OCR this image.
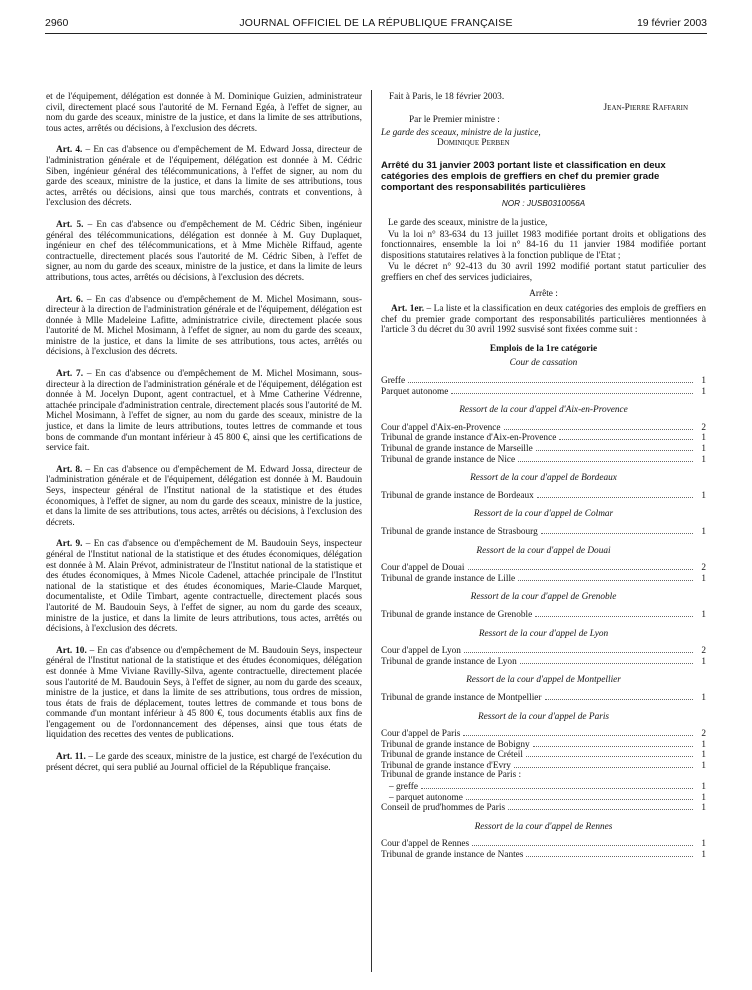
2960	JOURNAL OFFICIEL DE LA RÉPUBLIQUE FRANÇAISE	19 février 2003

et de l'équipement, délégation est donnée à M. Dominique Guizien, administrateur civil, directement placé sous l'autorité de M. Fernand Egéa, à l'effet de signer, au nom du garde des sceaux, ministre de la justice, et dans la limite de ses attributions, tous actes, arrêtés ou décisions, à l'exclusion des décrets.

Art. 4. – En cas d'absence ou d'empêchement de M. Edward Jossa, directeur de l'administration générale et de l'équipement, délégation est donnée à M. Cédric Siben, ingénieur général des télécommunications, à l'effet de signer, au nom du garde des sceaux, ministre de la justice, et dans la limite de ses attributions, tous actes, arrêtés ou décisions, ainsi que tous marchés, contrats et conventions, à l'exclusion des décrets.

Art. 5. – En cas d'absence ou d'empêchement de M. Cédric Siben, ingénieur général des télécommunications, délégation est donnée à M. Guy Duplaquet, ingénieur en chef des télécommunications, et à Mme Michèle Riffaud, agente contractuelle, directement placés sous l'autorité de M. Cédric Siben, à l'effet de signer, au nom du garde des sceaux, ministre de la justice, et dans la limite de leurs attributions, tous actes, arrêtés ou décisions, à l'exclusion des décrets.

Art. 6. – En cas d'absence ou d'empêchement de M. Michel Mosimann, sous-directeur à la direction de l'administration générale et de l'équipement, délégation est donnée à Mlle Madeleine Lafitte, administratrice civile, directement placée sous l'autorité de M. Michel Mosimann, à l'effet de signer, au nom du garde des sceaux, ministre de la justice, et dans la limite de ses attributions, tous actes, arrêtés ou décisions, à l'exclusion des décrets.

Art. 7. – En cas d'absence ou d'empêchement de M. Michel Mosimann, sous-directeur à la direction de l'administration générale et de l'équipement, délégation est donnée à M. Jocelyn Dupont, agent contractuel, et à Mme Catherine Védrenne, attachée principale d'administration centrale, directement placés sous l'autorité de M. Michel Mosimann, à l'effet de signer, au nom du garde des sceaux, ministre de la justice, et dans la limite de leurs attributions, toutes lettres de commande et tous bons de commande d'un montant inférieur à 45 800 €, ainsi que les certifications de service fait.

Art. 8. – En cas d'absence ou d'empêchement de M. Edward Jossa, directeur de l'administration générale et de l'équipement, délégation est donnée à M. Baudouin Seys, inspecteur général de l'Institut national de la statistique et des études économiques, à l'effet de signer, au nom du garde des sceaux, ministre de la justice, et dans la limite de ses attributions, tous actes, arrêtés ou décisions, à l'exclusion des décrets.

Art. 9. – En cas d'absence ou d'empêchement de M. Baudouin Seys, inspecteur général de l'Institut national de la statistique et des études économiques, délégation est donnée à M. Alain Prévot, administrateur de l'Institut national de la statistique et des études économiques, à Mmes Nicole Cadenel, attachée principale de l'Institut national de la statistique et des études économiques, Marie-Claude Marquet, documentaliste, et Odile Timbart, agente contractuelle, directement placés sous l'autorité de M. Baudouin Seys, à l'effet de signer, au nom du garde des sceaux, ministre de la justice, et dans la limite de leurs attributions, tous actes, arrêtés ou décisions, à l'exclusion des décrets.

Art. 10. – En cas d'absence ou d'empêchement de M. Baudouin Seys, inspecteur général de l'Institut national de la statistique et des études économiques, délégation est donnée à Mme Viviane Ravilly-Silva, agente contractuelle, directement placée sous l'autorité de M. Baudouin Seys, à l'effet de signer, au nom du garde des sceaux, ministre de la justice, et dans la limite de ses attributions, tous ordres de mission, tous états de frais de déplacement, toutes lettres de commande et tous bons de commande d'un montant inférieur à 45 800 €, tous documents établis aux fins de l'engagement ou de l'ordonnancement des dépenses, ainsi que tous états de liquidation des recettes des ventes de publications.

Art. 11. – Le garde des sceaux, ministre de la justice, est chargé de l'exécution du présent décret, qui sera publié au Journal officiel de la République française.

Fait à Paris, le 18 février 2003.

Jean-Pierre Raffarin

Par le Premier ministre :

Le garde des sceaux, ministre de la justice,

Dominique Perben

Arrêté du 31 janvier 2003 portant liste et classification en deux catégories des emplois de greffiers en chef du premier grade comportant des responsabilités particulières
NOR : JUSB0310056A

Le garde des sceaux, ministre de la justice,

Vu la loi n° 83-634 du 13 juillet 1983 modifiée portant droits et obligations des fonctionnaires, ensemble la loi n° 84-16 du 11 janvier 1984 modifiée portant dispositions statutaires relatives à la fonction publique de l'Etat ;

Vu le décret n° 92-413 du 30 avril 1992 modifié portant statut particulier des greffiers en chef des services judiciaires,

Arrête :

Art. 1er. – La liste et la classification en deux catégories des emplois de greffiers en chef du premier grade comportant des responsabilités particulières mentionnées à l'article 3 du décret du 30 avril 1992 susvisé sont fixées comme suit :

Emplois de la 1re catégorie
Cour de cassation
Greffe	1
Parquet autonome	1
Ressort de la cour d'appel d'Aix-en-Provence
Cour d'appel d'Aix-en-Provence	2
Tribunal de grande instance d'Aix-en-Provence	1
Tribunal de grande instance de Marseille	1
Tribunal de grande instance de Nice	1
Ressort de la cour d'appel de Bordeaux
Tribunal de grande instance de Bordeaux	1
Ressort de la cour d'appel de Colmar
Tribunal de grande instance de Strasbourg	1
Ressort de la cour d'appel de Douai
Cour d'appel de Douai	2
Tribunal de grande instance de Lille	1
Ressort de la cour d'appel de Grenoble
Tribunal de grande instance de Grenoble	1
Ressort de la cour d'appel de Lyon
Cour d'appel de Lyon	2
Tribunal de grande instance de Lyon	1
Ressort de la cour d'appel de Montpellier
Tribunal de grande instance de Montpellier	1
Ressort de la cour d'appel de Paris
Cour d'appel de Paris	2
Tribunal de grande instance de Bobigny	1
Tribunal de grande instance de Créteil	1
Tribunal de grande instance d'Evry	1
Tribunal de grande instance de Paris :
– greffe	1
– parquet autonome	1
Conseil de prud'hommes de Paris	1
Ressort de la cour d'appel de Rennes
Cour d'appel de Rennes	1
Tribunal de grande instance de Nantes	1
